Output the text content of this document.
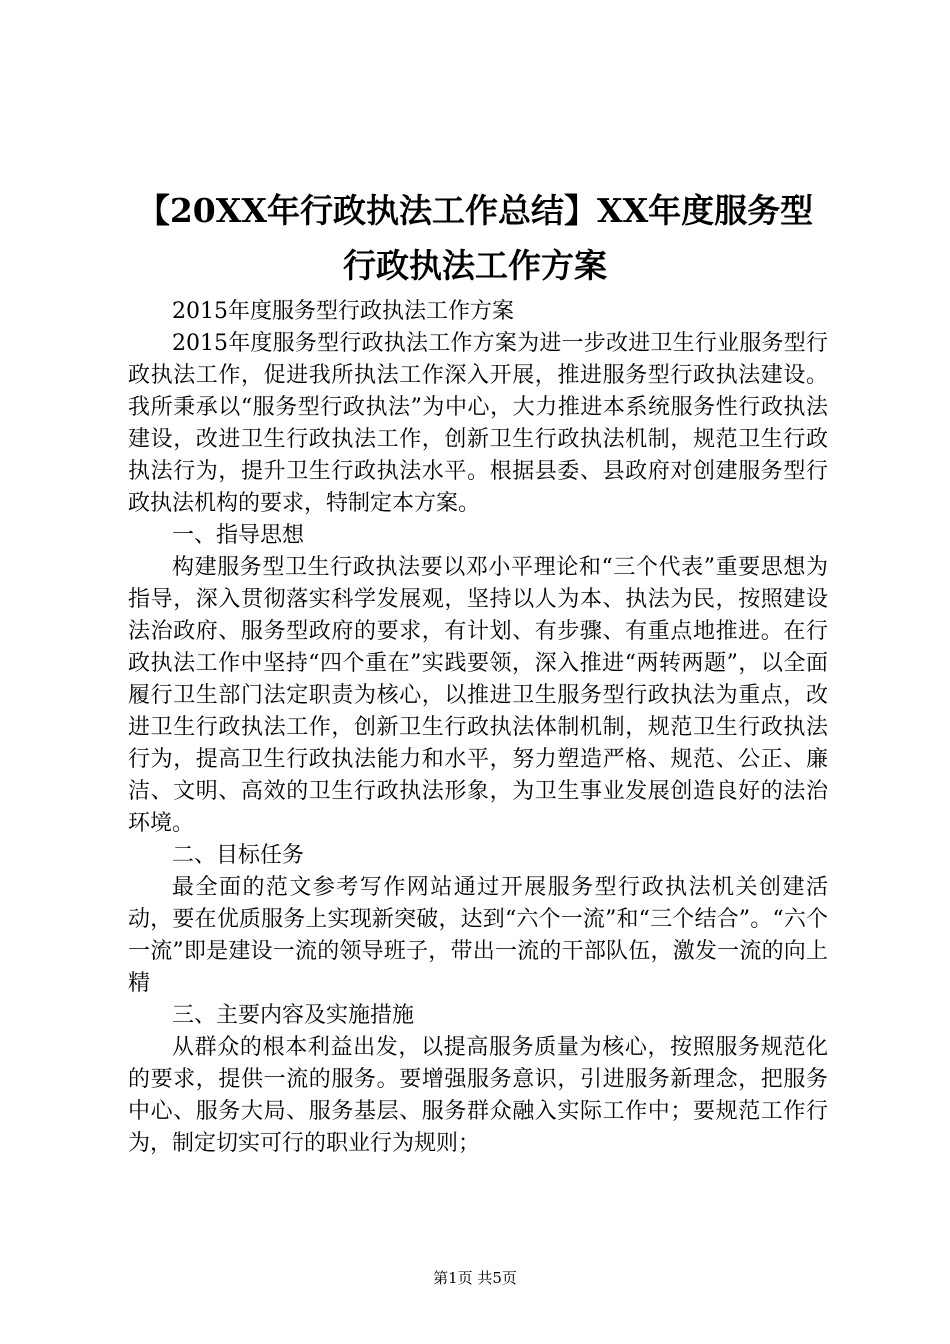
【20XX年行政执法工作总结】XX年度服务型
行政执法工作方案

2015年度服务型行政执法工作方案

2015年度服务型行政执法工作方案为进一步改进卫生行业服务型行政执法工作，促进我所执法工作深入开展，推进服务型行政执法建设。我所秉承以“服务型行政执法”为中心，大力推进本系统服务性行政执法建设，改进卫生行政执法工作，创新卫生行政执法机制，规范卫生行政执法行为，提升卫生行政执法水平。根据县委、县政府对创建服务型行政执法机构的要求，特制定本方案。

一、指导思想

构建服务型卫生行政执法要以邓小平理论和“三个代表”重要思想为指导，深入贯彻落实科学发展观，坚持以人为本、执法为民，按照建设法治政府、服务型政府的要求，有计划、有步骤、有重点地推进。在行政执法工作中坚持“四个重在”实践要领，深入推进“两转两题”，以全面履行卫生部门法定职责为核心，以推进卫生服务型行政执法为重点，改进卫生行政执法工作，创新卫生行政执法体制机制，规范卫生行政执法行为，提高卫生行政执法能力和水平，努力塑造严格、规范、公正、廉洁、文明、高效的卫生行政执法形象，为卫生事业发展创造良好的法治环境。

二、目标任务

最全面的范文参考写作网站通过开展服务型行政执法机关创建活动，要在优质服务上实现新突破，达到“六个一流”和“三个结合”。“六个一流”即是建设一流的领导班子，带出一流的干部队伍，激发一流的向上精

三、主要内容及实施措施

从群众的根本利益出发，以提高服务质量为核心，按照服务规范化的要求，提供一流的服务。要增强服务意识，引进服务新理念，把服务中心、服务大局、服务基层、服务群众融入实际工作中；要规范工作行为，制定切实可行的职业行为规则；

第1页 共5页
